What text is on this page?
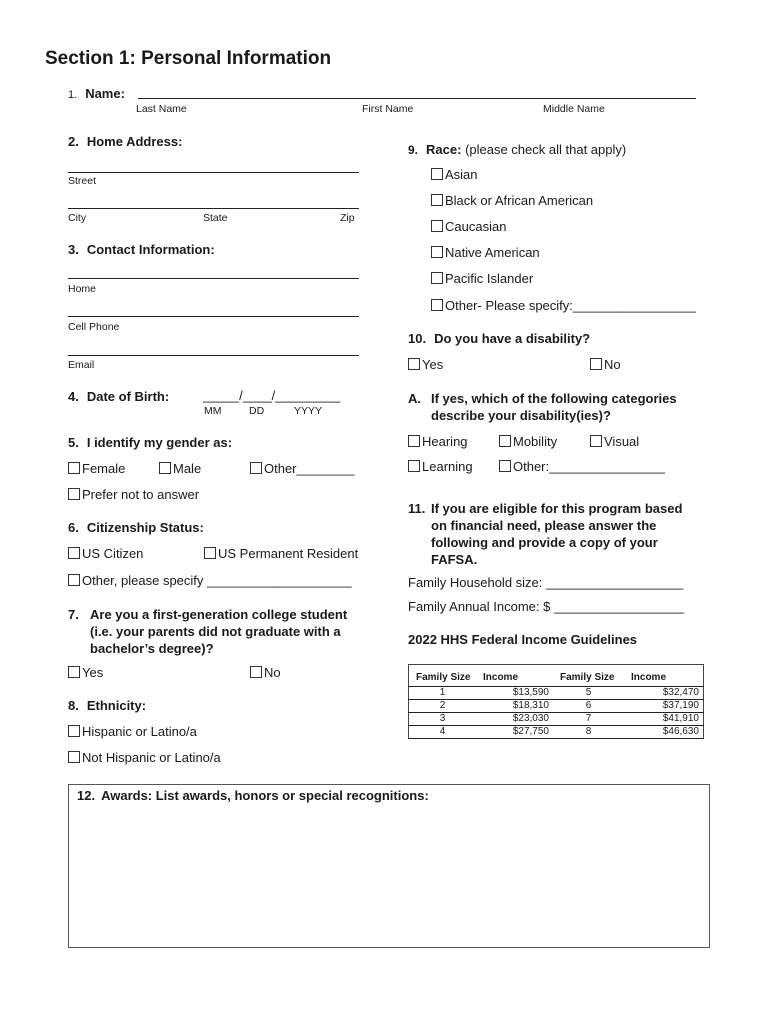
Section 1: Personal Information
1. Name:
Last Name	First Name	Middle Name
2. Home Address:
Street
City	State	Zip
3. Contact Information:
Home
Cell Phone
Email
4. Date of Birth:	_____/____/_________
MM	DD	YYYY
5. I identify my gender as:
Female	Male	Other________
Prefer not to answer
6. Citizenship Status:
US Citizen	US Permanent Resident
Other, please specify ____________________
7. Are you a first-generation college student
(i.e. your parents did not graduate with a
bachelor’s degree)?
Yes	No
8. Ethnicity:
Hispanic or Latino/a
Not Hispanic or Latino/a
9. Race: (please check all that apply)
Asian
Black or African American
Caucasian
Native American
Pacific Islander
Other- Please specify:_________________
10. Do you have a disability?
Yes	No
A. If yes, which of the following categories
describe your disability(ies)?
Hearing	Mobility	Visual
Learning	Other:________________
11. If you are eligible for this program based
on financial need, please answer the
following and provide a copy of your
FAFSA.
Family Household size: ___________________
Family Annual Income: $ __________________
2022 HHS Federal Income Guidelines
Family Size	Income	Family Size	Income
1	$13,590	5	$32,470
2	$18,310	6	$37,190
3	$23,030	7	$41,910
4	$27,750	8	$46,630
12. Awards: List awards, honors or special recognitions:
